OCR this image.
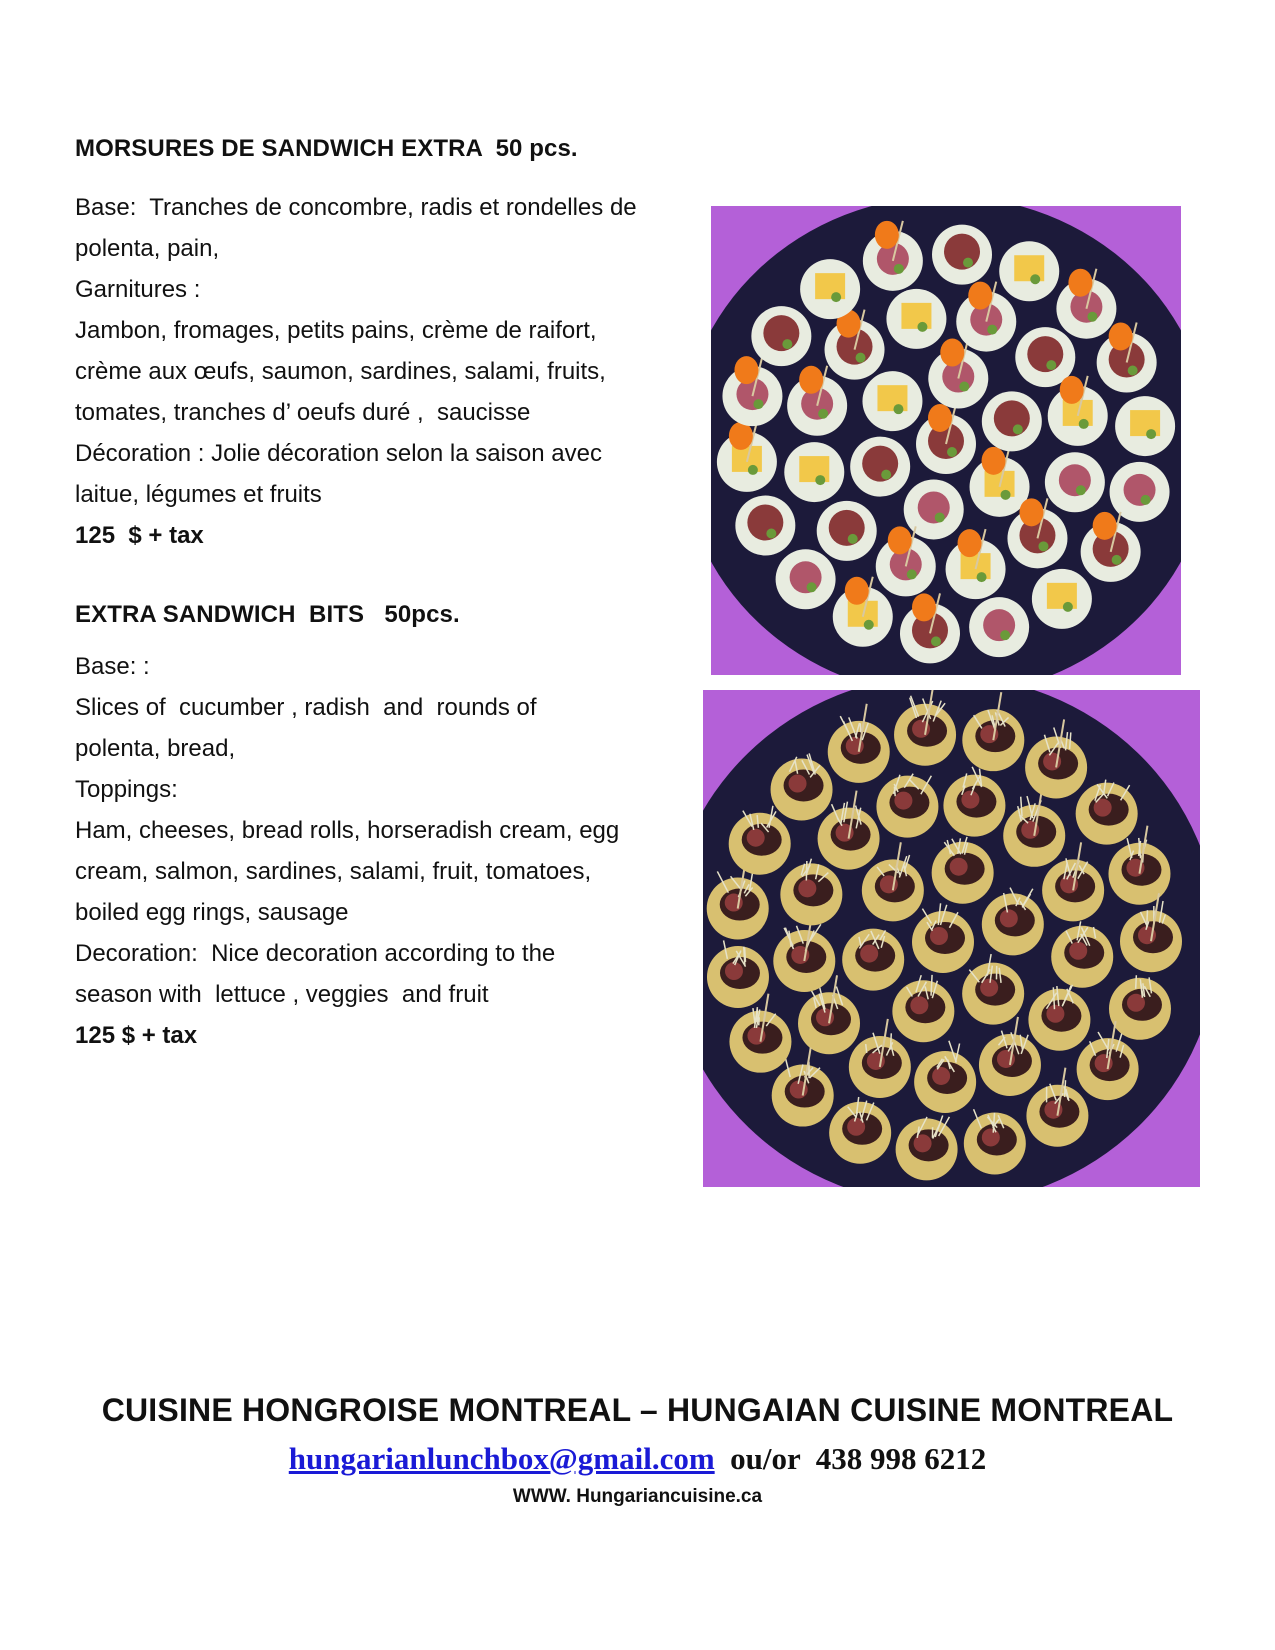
MORSURES DE SANDWICH EXTRA  50 pcs.
Base:  Tranches de concombre, radis et rondelles de
polenta, pain,
Garnitures :
Jambon, fromages, petits pains, crème de raifort,
crème aux œufs, saumon, sardines, salami, fruits,
tomates, tranches d’ oeufs duré ,  saucisse
Décoration : Jolie décoration selon la saison avec
laitue, légumes et fruits
125  $ + tax
EXTRA SANDWICH  BITS   50pcs.
Base: :
Slices of  cucumber , radish  and  rounds of
polenta, bread,
Toppings:
Ham, cheeses, bread rolls, horseradish cream, egg
cream, salmon, sardines, salami, fruit, tomatoes,
boiled egg rings, sausage
Decoration:  Nice decoration according to the
season with  lettuce , veggies  and fruit
125 $ + tax
CUISINE HONGROISE MONTREAL – HUNGAIAN CUISINE MONTREAL
hungarianlunchbox@gmail.com  ou/or  438 998 6212
WWW. Hungariancuisine.ca
